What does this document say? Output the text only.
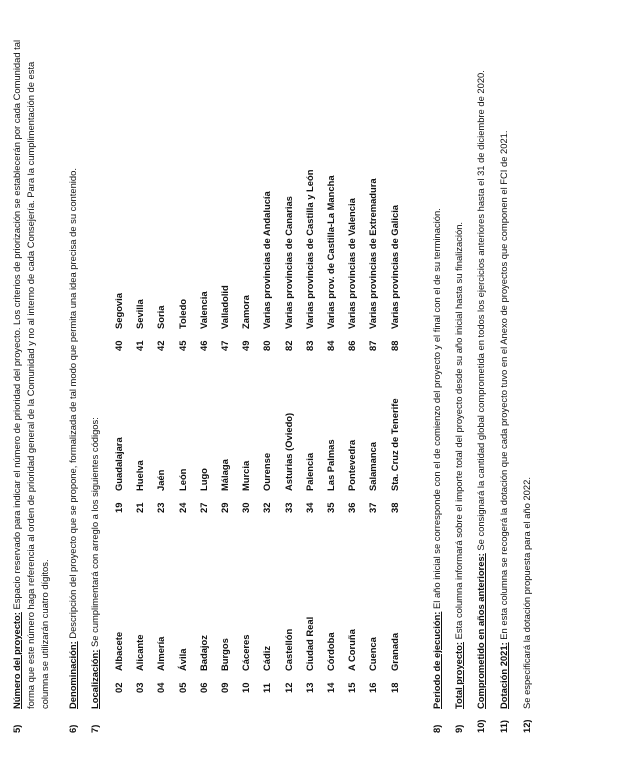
5)
Número del proyecto: Espacio reservado para indicar el número de prioridad del proyecto. Los criterios de priorización se establecerán por cada Comunidad tal forma que este número haga referencia al orden de prioridad general de la Comunidad y no al interno de cada Consejería. Para la cumplimentación de esta columna se utilizarán cuatro dígitos.
6)
Denominación: Descripción del proyecto que se propone, formalizada de tal modo que permita una idea precisa de su contenido.
7)
Localización: Se cumplimentará con arreglo a los siguientes códigos:
02
Albacete
03
Alicante
04
Almería
05
Ávila
06
Badajoz
09
Burgos
10
Cáceres
11
Cádiz
12
Castellón
13
Ciudad Real
14
Córdoba
15
A Coruña
16
Cuenca
18
Granada
19
Guadalajara
21
Huelva
23
Jaén
24
León
27
Lugo
29
Málaga
30
Murcia
32
Ourense
33
Asturias (Oviedo)
34
Palencia
35
Las Palmas
36
Pontevedra
37
Salamanca
38
Sta. Cruz de Tenerife
40
Segovia
41
Sevilla
42
Soria
45
Toledo
46
Valencia
47
Valladolid
49
Zamora
80
Varias provincias de Andalucía
82
Varias provincias de Canarias
83
Varias provincias de Castilla y León
84
Varias prov. de Castilla-La Mancha
86
Varias provincias de Valencia
87
Varias provincias de Extremadura
88
Varias provincias de Galicia
8)
Periodo de ejecución: El año inicial se corresponde con el de comienzo del proyecto y el final con el de su terminación.
9)
Total proyecto: Esta columna informará sobre el importe total del proyecto desde su año inicial hasta su finalización.
10)
Comprometido en años anteriores: Se consignará la cantidad global comprometida en todos los ejercicios anteriores hasta el 31 de diciembre de 2020.
11)
Dotación 2021: En esta columna se recogerá la dotación que cada proyecto tuvo en el Anexo de proyectos que componen el FCI de 2021.
12)
Se especificará la dotación propuesta para el año 2022.
